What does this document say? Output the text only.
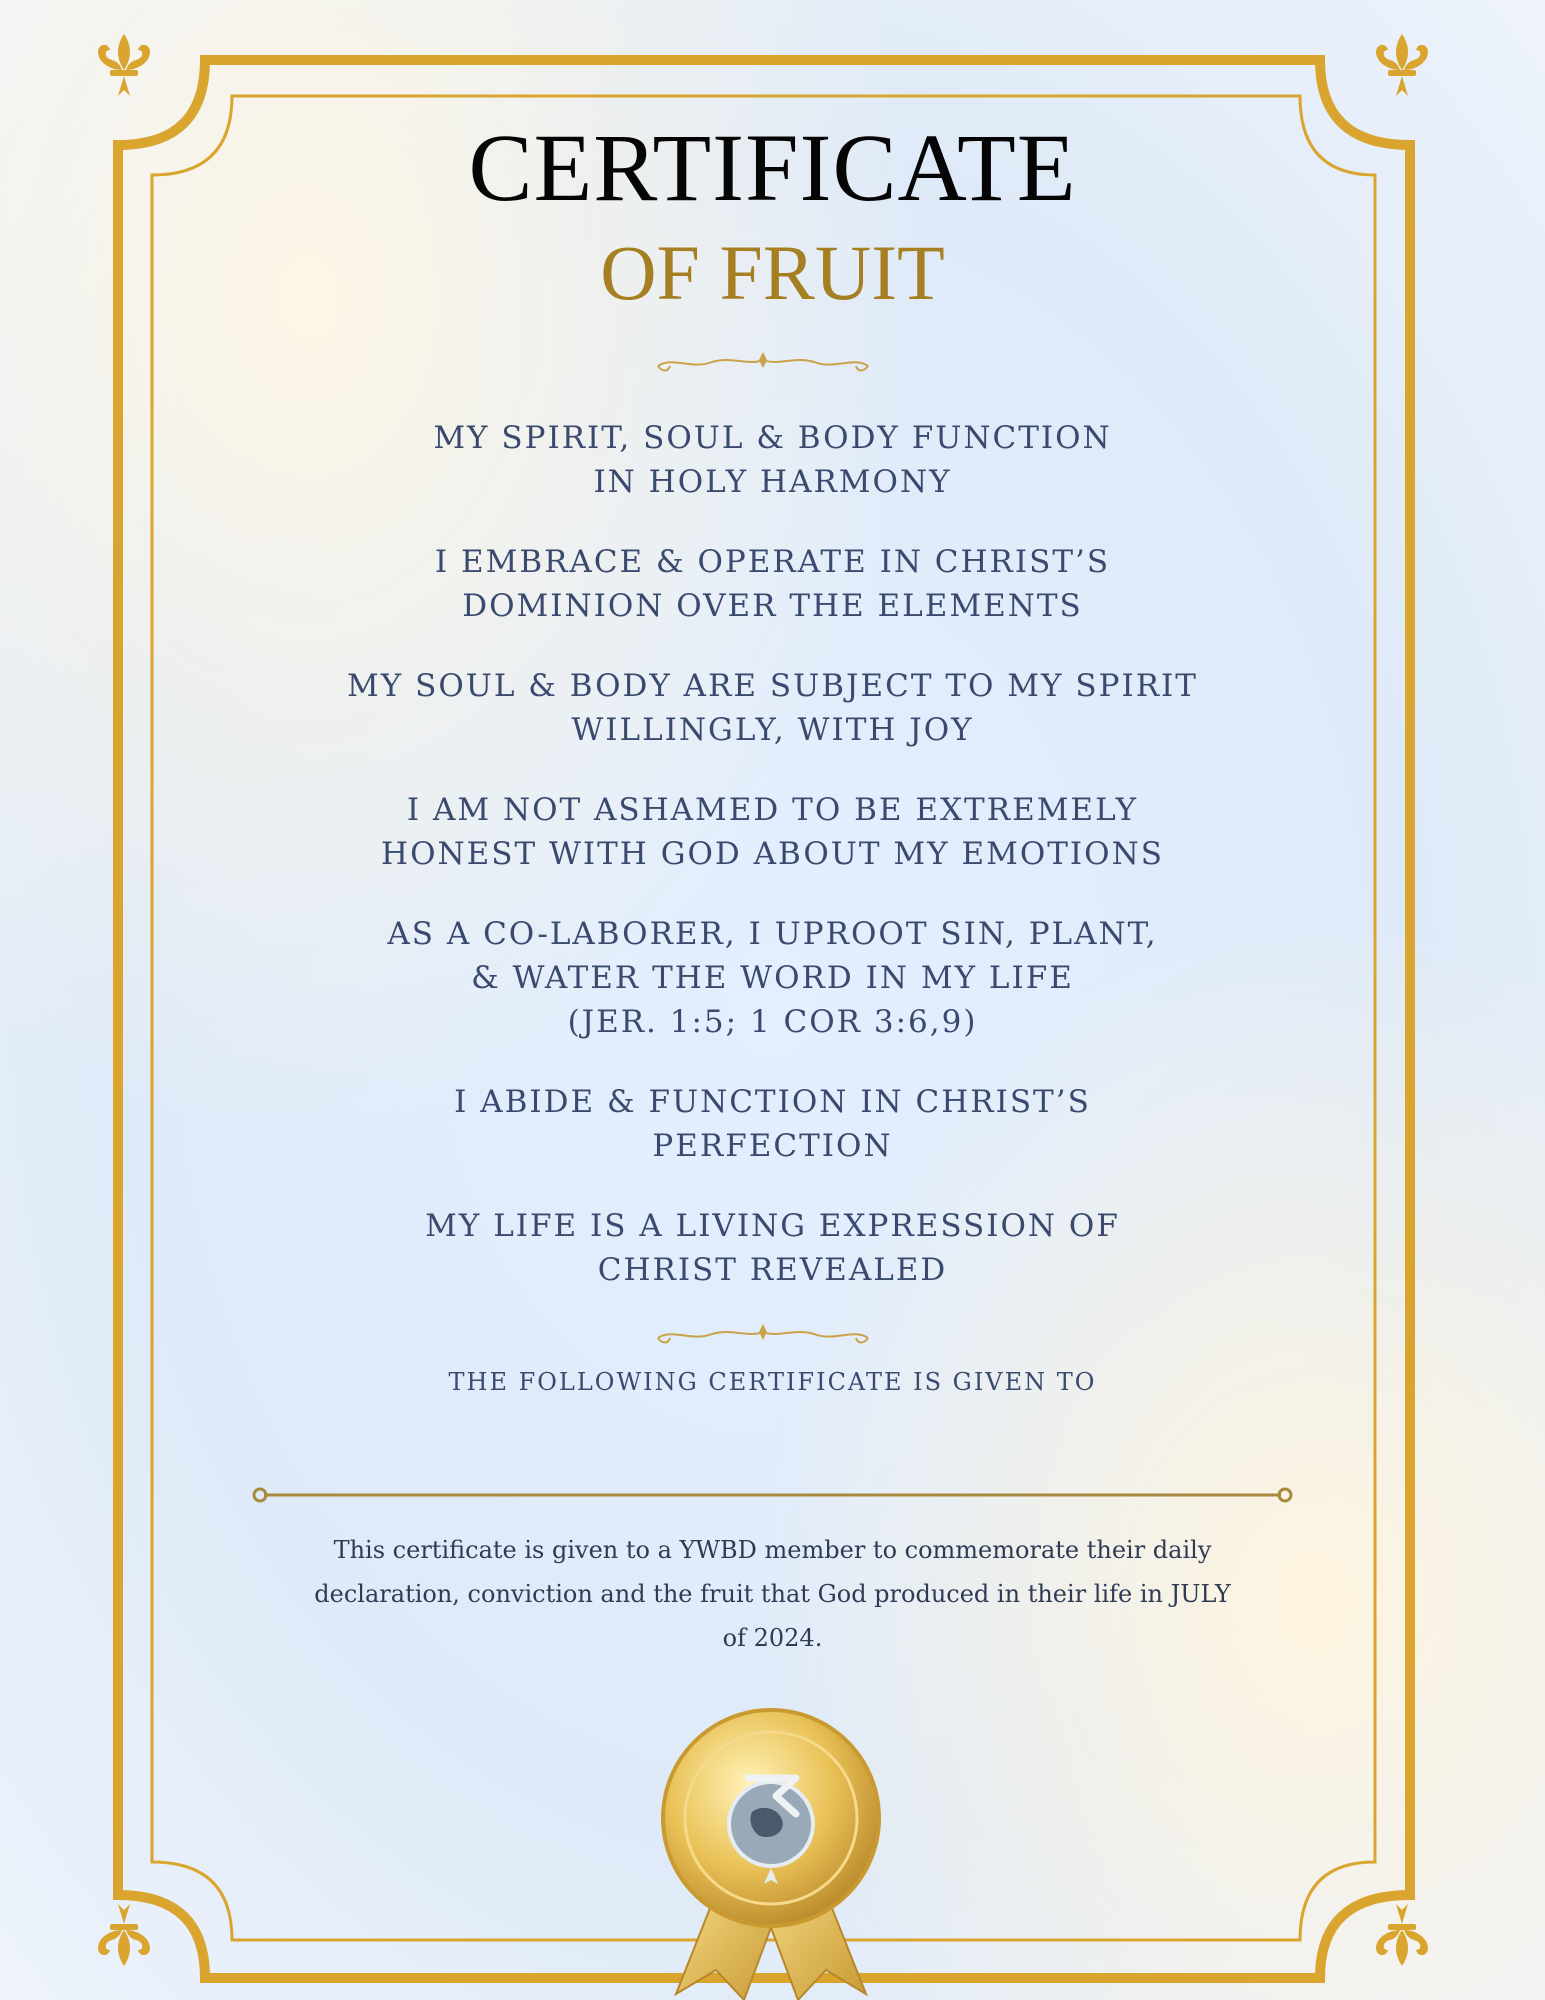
CERTIFICATE
OF FRUIT
MY SPIRIT, SOUL & BODY FUNCTION
IN HOLY HARMONY
I EMBRACE & OPERATE IN CHRIST’S
DOMINION OVER THE ELEMENTS
MY SOUL & BODY ARE SUBJECT TO MY SPIRIT
WILLINGLY, WITH JOY
I AM NOT ASHAMED TO BE EXTREMELY
HONEST WITH GOD ABOUT MY EMOTIONS
AS A CO-LABORER, I UPROOT SIN, PLANT,
& WATER THE WORD IN MY LIFE
(JER. 1:5; 1 COR 3:6,9)
I ABIDE & FUNCTION IN CHRIST’S
PERFECTION
MY LIFE IS A LIVING EXPRESSION OF
CHRIST REVEALED
THE FOLLOWING CERTIFICATE IS GIVEN TO
This certificate is given to a YWBD member to commemorate their daily declaration, conviction and the fruit that God produced in their life in JULY of 2024.
